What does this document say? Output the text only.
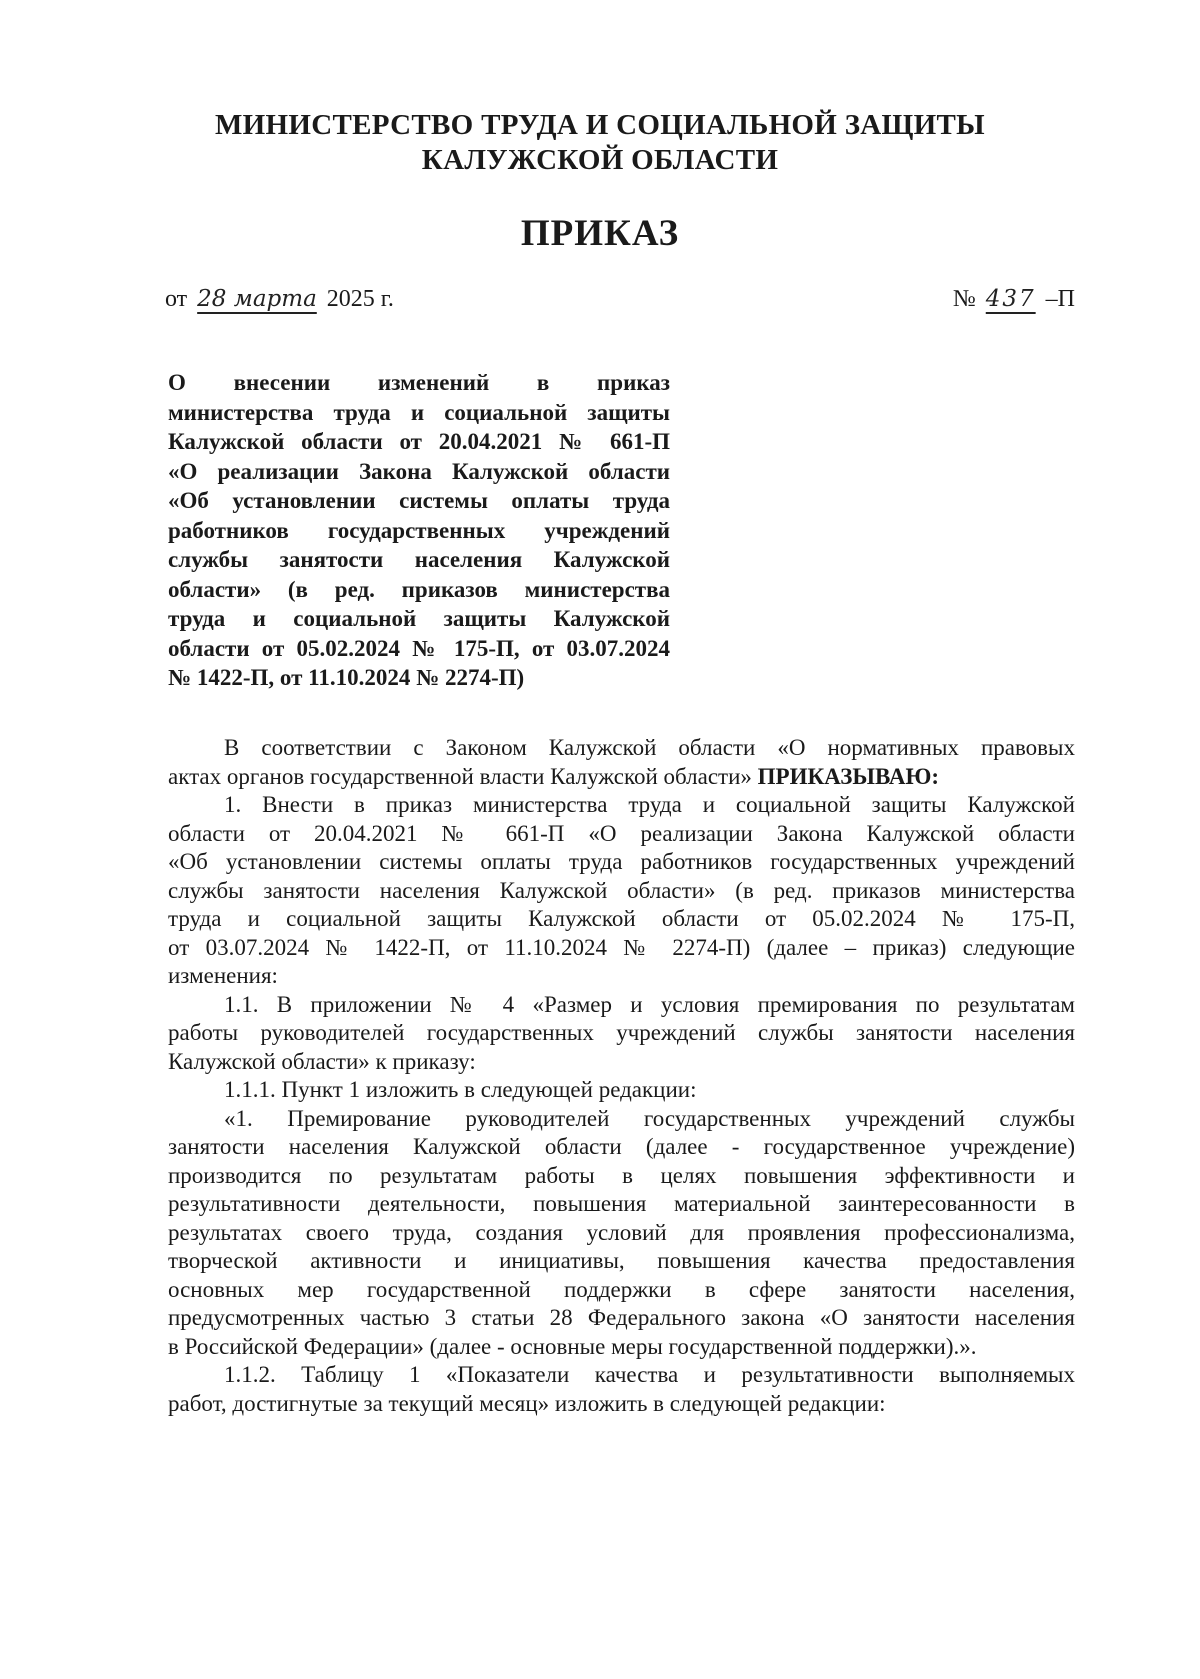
МИНИСТЕРСТВО ТРУДА И СОЦИАЛЬНОЙ ЗАЩИТЫ
КАЛУЖСКОЙ ОБЛАСТИ
ПРИКАЗ
от 28 марта 2025 г.	№ 437 –П
О внесении изменений в приказ
министерства труда и социальной защиты
Калужской области от 20.04.2021 № 661-П
«О реализации Закона Калужской области
«Об установлении системы оплаты труда
работников государственных учреждений
службы занятости населения Калужской
области» (в ред. приказов министерства
труда и социальной защиты Калужской
области от 05.02.2024 № 175-П, от 03.07.2024
№ 1422-П, от 11.10.2024 № 2274-П)
В соответствии с Законом Калужской области «О нормативных правовых
актах органов государственной власти Калужской области» ПРИКАЗЫВАЮ:
1. Внести в приказ министерства труда и социальной защиты Калужской
области от 20.04.2021 № 661-П «О реализации Закона Калужской области
«Об установлении системы оплаты труда работников государственных учреждений
службы занятости населения Калужской области» (в ред. приказов министерства
труда и социальной защиты Калужской области от 05.02.2024 № 175-П,
от 03.07.2024 № 1422-П, от 11.10.2024 № 2274-П) (далее – приказ) следующие
изменения:
1.1. В приложении № 4 «Размер и условия премирования по результатам
работы руководителей государственных учреждений службы занятости населения
Калужской области» к приказу:
1.1.1. Пункт 1 изложить в следующей редакции:
«1. Премирование руководителей государственных учреждений службы
занятости населения Калужской области (далее - государственное учреждение)
производится по результатам работы в целях повышения эффективности и
результативности деятельности, повышения материальной заинтересованности в
результатах своего труда, создания условий для проявления профессионализма,
творческой активности и инициативы, повышения качества предоставления
основных мер государственной поддержки в сфере занятости населения,
предусмотренных частью 3 статьи 28 Федерального закона «О занятости населения
в Российской Федерации» (далее - основные меры государственной поддержки).».
1.1.2. Таблицу 1 «Показатели качества и результативности выполняемых
работ, достигнутые за текущий месяц» изложить в следующей редакции:
